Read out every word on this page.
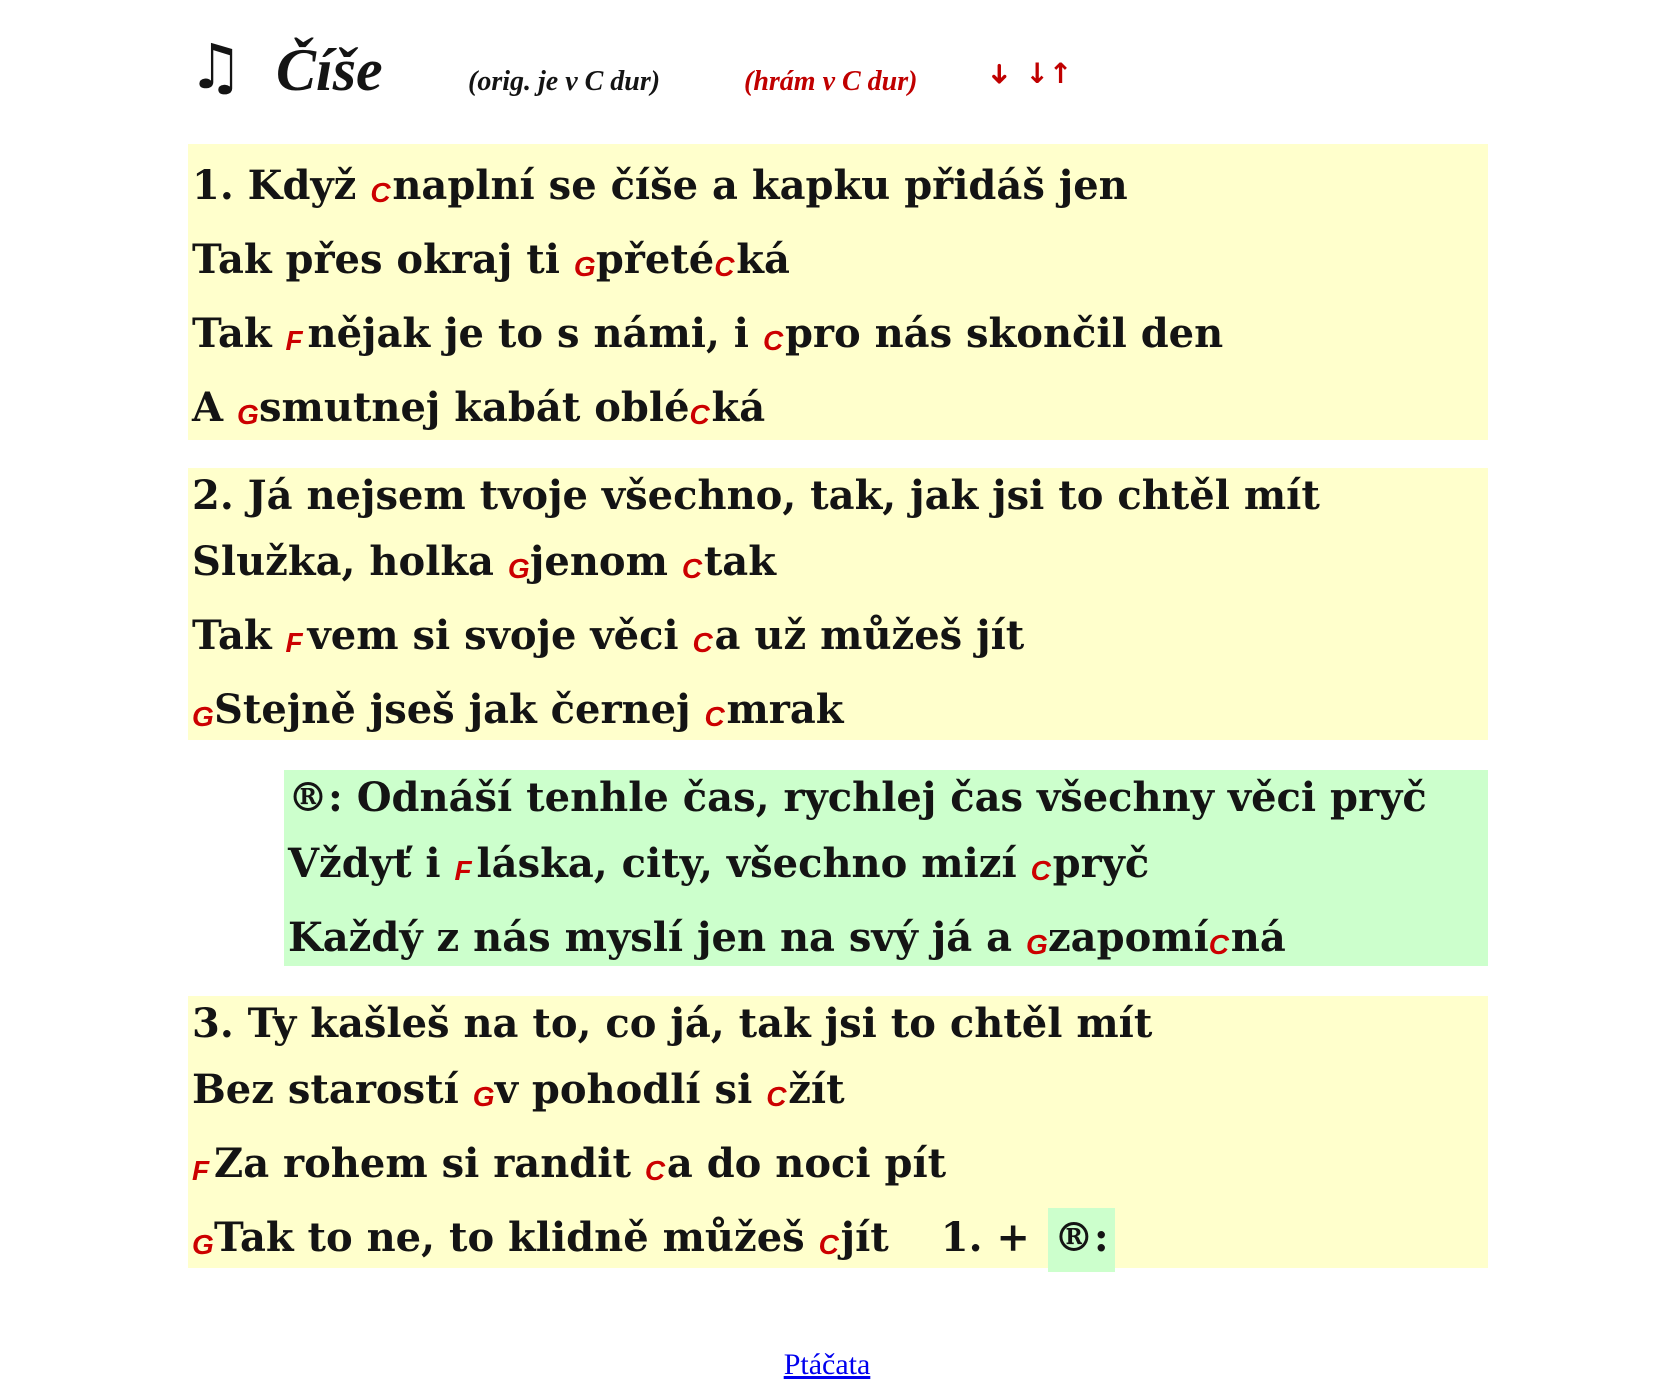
♫ Číše	(orig. je v C dur)	(hrám v C dur) ➜ ↓↑
1. Když C naplní se číše a kapku přidáš jen
Tak přes okraj ti G přeté C ká
Tak F nějak je to s námi, i C pro nás skončil den
A G smutnej kabát oblé C ká
2. Já nejsem tvoje všechno, tak, jak jsi to chtěl mít
Služka, holka G jenom C tak
Tak F vem si svoje věci C a už můžeš jít
G Stejně jseš jak černej C mrak
®: Odnáší tenhle čas, rychlej čas všechny věci pryč
Vždyť i F láska, city, všechno mizí C pryč
Každý z nás myslí jen na svý já a G zapomí C ná
3. Ty kašleš na to, co já, tak jsi to chtěl mít
Bez starostí G v pohodlí si C žít
F Za rohem si randit C a do noci pít
G Tak to ne, to klidně můžeš C jít 1. + ®:
Ptáčata
